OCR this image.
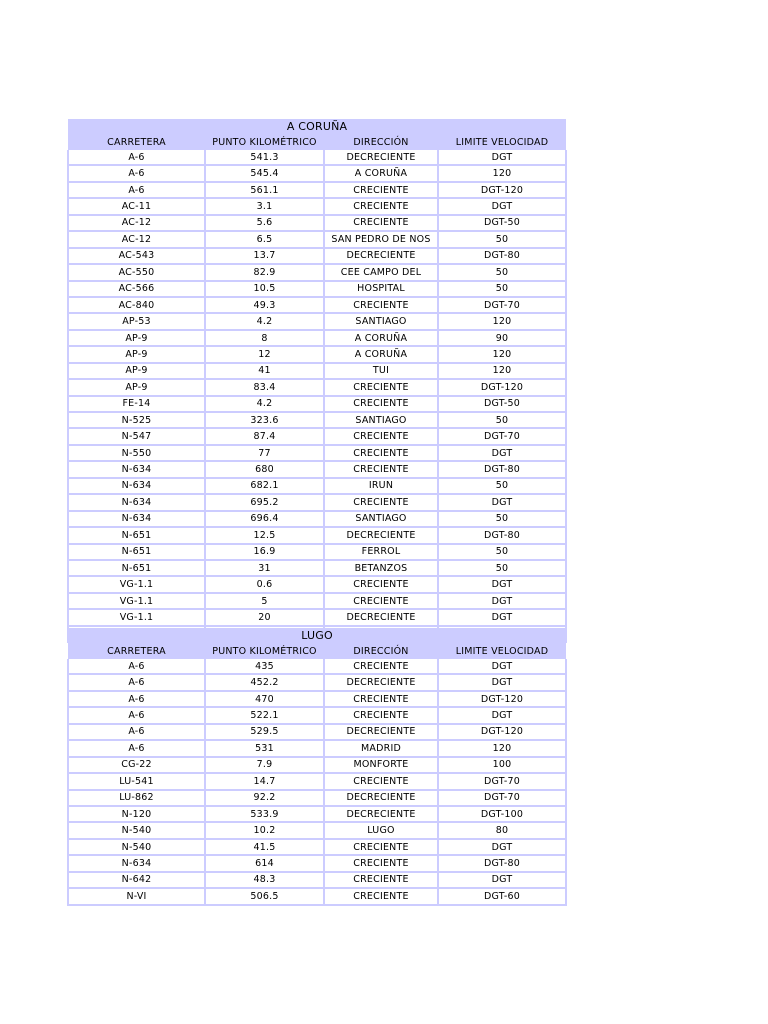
A CORUÑA			
CARRETERA	PUNTO KILOMÉTRICO	DIRECCIÓN	LIMITE VELOCIDAD
A-6	541.3	DECRECIENTE	DGT
A-6	545.4	A CORUÑA	120
A-6	561.1	CRECIENTE	DGT-120
AC-11	3.1	CRECIENTE	DGT
AC-12	5.6	CRECIENTE	DGT-50
AC-12	6.5	SAN PEDRO DE NOS	50
AC-543	13.7	DECRECIENTE	DGT-80
AC-550	82.9	CEE CAMPO DEL	50
AC-566	10.5	HOSPITAL	50
AC-840	49.3	CRECIENTE	DGT-70
AP-53	4.2	SANTIAGO	120
AP-9	8	A CORUÑA	90
AP-9	12	A CORUÑA	120
AP-9	41	TUI	120
AP-9	83.4	CRECIENTE	DGT-120
FE-14	4.2	CRECIENTE	DGT-50
N-525	323.6	SANTIAGO	50
N-547	87.4	CRECIENTE	DGT-70
N-550	77	CRECIENTE	DGT
N-634	680	CRECIENTE	DGT-80
N-634	682.1	IRUN	50
N-634	695.2	CRECIENTE	DGT
N-634	696.4	SANTIAGO	50
N-651	12.5	DECRECIENTE	DGT-80
N-651	16.9	FERROL	50
N-651	31	BETANZOS	50
VG-1.1	0.6	CRECIENTE	DGT
VG-1.1	5	CRECIENTE	DGT
VG-1.1	20	DECRECIENTE	DGT

LUGO			
CARRETERA	PUNTO KILOMÉTRICO	DIRECCIÓN	LIMITE VELOCIDAD
A-6	435	CRECIENTE	DGT
A-6	452.2	DECRECIENTE	DGT
A-6	470	CRECIENTE	DGT-120
A-6	522.1	CRECIENTE	DGT
A-6	529.5	DECRECIENTE	DGT-120
A-6	531	MADRID	120
CG-22	7.9	MONFORTE	100
LU-541	14.7	CRECIENTE	DGT-70
LU-862	92.2	DECRECIENTE	DGT-70
N-120	533.9	DECRECIENTE	DGT-100
N-540	10.2	LUGO	80
N-540	41.5	CRECIENTE	DGT
N-634	614	CRECIENTE	DGT-80
N-642	48.3	CRECIENTE	DGT
N-VI	506.5	CRECIENTE	DGT-60
